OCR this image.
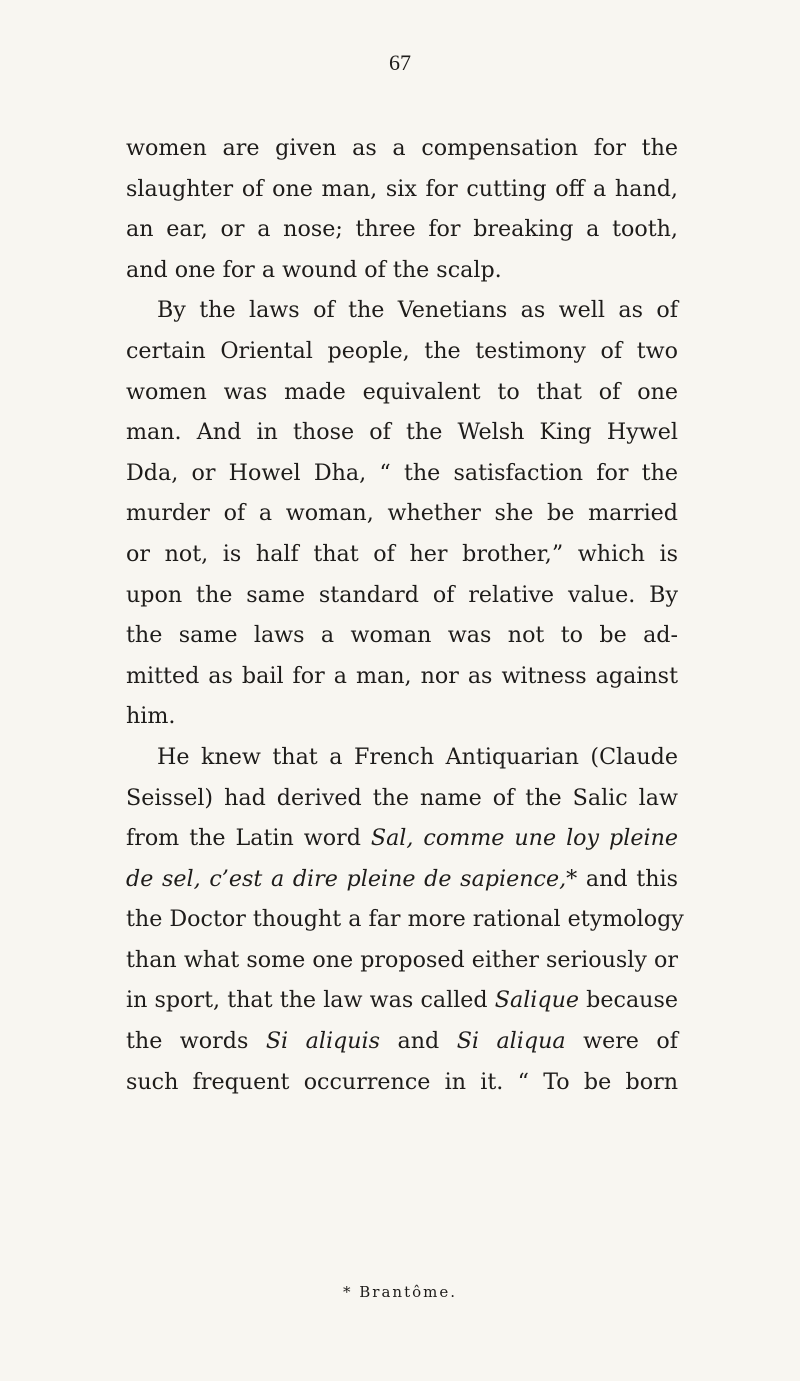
67
women are given as a compensation for the
slaughter of one man, six for cutting off a hand,
an ear, or a nose; three for breaking a tooth,
and one for a wound of the scalp.
By the laws of the Venetians as well as of
certain Oriental people, the testimony of two
women was made equivalent to that of one
man. And in those of the Welsh King Hywel
Dda, or Howel Dha, “ the satisfaction for the
murder of a woman, whether she be married
or not, is half that of her brother,” which is
upon the same standard of relative value. By
the same laws a woman was not to be ad-
mitted as bail for a man, nor as witness against
him.
He knew that a French Antiquarian (Claude
Seissel) had derived the name of the Salic law
from the Latin word Sal, comme une loy pleine
de sel, c’est a dire pleine de sapience,* and this
the Doctor thought a far more rational etymology
than what some one proposed either seriously or
in sport, that the law was called Salique because
the words Si aliquis and Si aliqua were of
such frequent occurrence in it. “ To be born
* Brantôme.
